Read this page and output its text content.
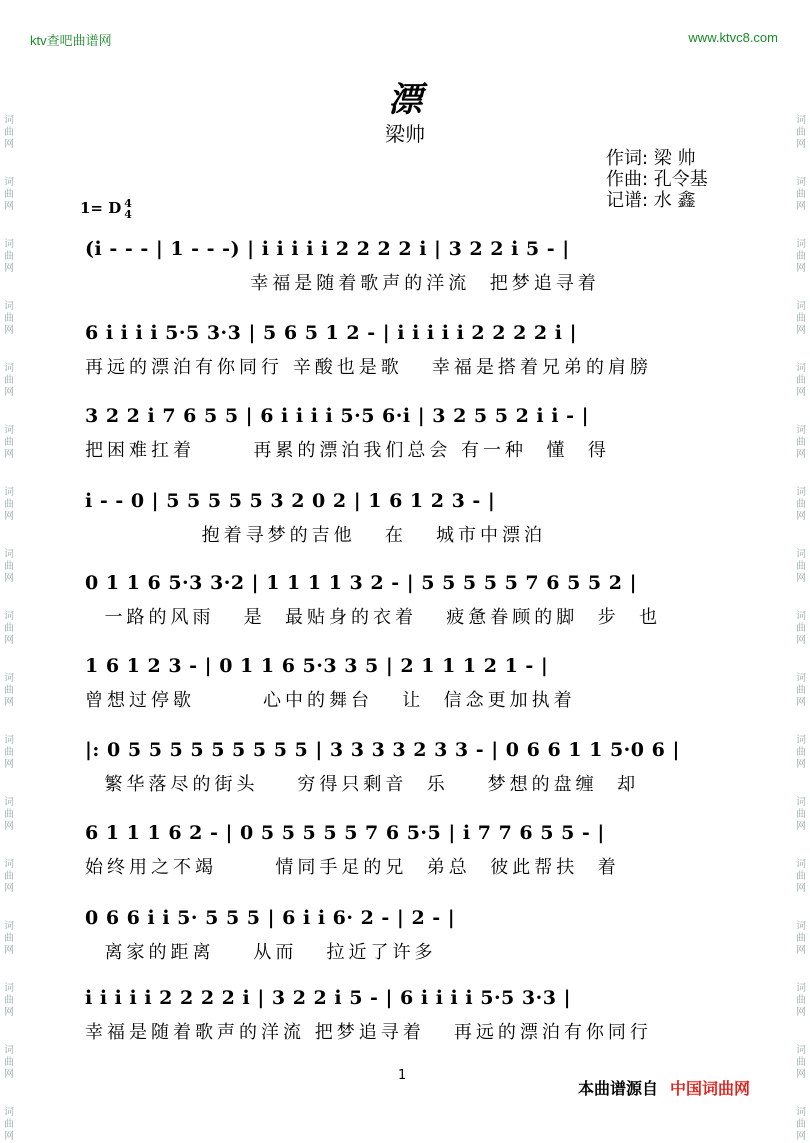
词
曲
网
词
曲
网
词
曲
网
词
曲
网
词
曲
网
词
曲
网
词
曲
网
词
曲
网
词
曲
网
词
曲
网
词
曲
网
词
曲
网
词
曲
网
词
曲
网
词
曲
网
词
曲
网
词
曲
网
词
曲
网
词
曲
网
词
曲
网
词
曲
网
词
曲
网
词
曲
网
词
曲
网
词
曲
网
词
曲
网
词
曲
网
词
曲
网
词
曲
网
词
曲
网
词
曲
网
词
曲
网
词
曲
网
词
曲
网
ktv查吧曲谱网	www.ktvc8.com
漂
梁帅
作词: 梁 帅
作曲: 孔令基
记谱: 水 鑫
1= D 4
4
(i - - - | 1 - - -) | i i i i i 2 2 2 2 i | 3 2 2 i 5 - |
幸福是随着歌声的洋流  把梦追寻着
6 i i i i 5·5 3·3 | 5 6 5 1 2 - | i i i i i 2 2 2 2 i |
再远的漂泊有你同行 辛酸也是歌   幸福是搭着兄弟的肩膀
3 2 2 i 7 6 5 5 | 6 i i i i 5·5 6·i | 3 2 5 5 2 i i - |
把困难扛着      再累的漂泊我们总会 有一种  懂  得
i - - 0 | 5 5 5 5 5 3 2 0 2 | 1 6 1 2 3 - |
抱着寻梦的吉他   在   城市中漂泊
0 1 1 6 5·3 3·2 | 1 1 1 1 3 2 - | 5 5 5 5 5 7 6 5 5 2 |
一路的风雨   是  最贴身的衣着   疲惫眷顾的脚  步  也
1 6 1 2 3 - | 0 1 1 6 5·3 3 5 | 2 1 1 1 2 1 - |
曾想过停歇       心中的舞台   让  信念更加执着
|: 0 5 5 5 5 5 5 5 5 5 | 3 3 3 3 2 3 3 - | 0 6 6 1 1 5·0 6 |
繁华落尽的街头    穷得只剩音  乐    梦想的盘缠  却
6 1 1 1 6 2 - | 0 5 5 5 5 5 7 6 5·5 | i 7 7 6 5 5 - |
始终用之不竭      情同手足的兄  弟总  彼此帮扶  着
0 6 6 i i 5· 5 5 5 | 6 i i 6· 2 - | 2 - |
离家的距离    从而   拉近了许多
i i i i i 2 2 2 2 i | 3 2 2 i 5 - | 6 i i i i 5·5 3·3 |
幸福是随着歌声的洋流 把梦追寻着   再远的漂泊有你同行
1
本曲谱源自 中国词曲网
